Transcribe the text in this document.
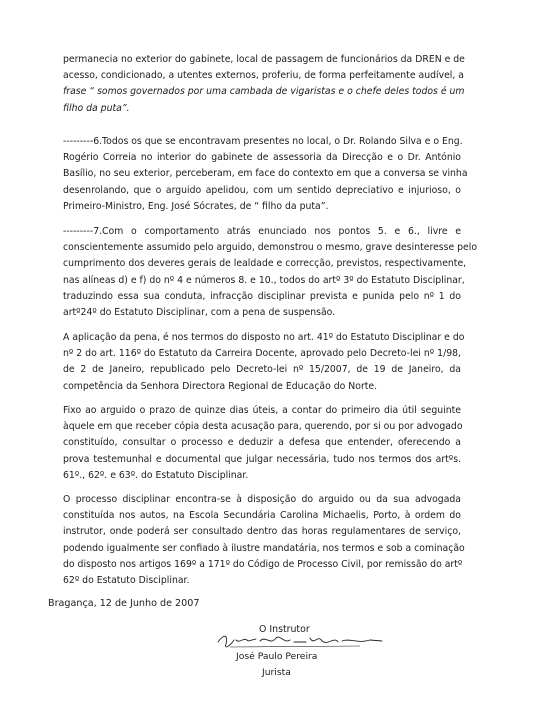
permanecia no exterior do gabinete, local de passagem de funcionários da DREN e de
acesso, condicionado, a utentes externos, proferiu, de forma perfeitamente audível, a
frase “ somos governados por uma cambada de vigaristas e o chefe deles todos é um
filho da puta”.
---------6.Todos os que se encontravam presentes no local, o Dr. Rolando Silva e o Eng.
Rogério Correia no interior do gabinete de assessoria da Direcção e o Dr. António
Basílio, no seu exterior, perceberam, em face do contexto em que a conversa se vinha
desenrolando, que o arguido apelidou, com um sentido depreciativo e injurioso, o
Primeiro-Ministro, Eng. José Sócrates, de “ filho da puta”.
---------7.Com o comportamento atrás enunciado nos pontos 5. e 6., livre e
conscientemente assumido pelo arguido, demonstrou o mesmo, grave desinteresse pelo
cumprimento dos deveres gerais de lealdade e correcção, previstos, respectivamente,
nas alíneas d) e f) do nº 4 e números 8. e 10., todos do artº 3º do Estatuto Disciplinar,
traduzindo essa sua conduta, infracção disciplinar prevista e punida pelo nº 1 do
artº24º do Estatuto Disciplinar, com a pena de suspensão.
A aplicação da pena, é nos termos do disposto no art. 41º do Estatuto Disciplinar e do
nº 2 do art. 116º do Estatuto da Carreira Docente, aprovado pelo Decreto-lei nº 1/98,
de 2 de Janeiro, republicado pelo Decreto-lei nº 15/2007, de 19 de Janeiro, da
competência da Senhora Directora Regional de Educação do Norte.
Fixo ao arguido o prazo de quinze dias úteis, a contar do primeiro dia útil seguinte
àquele em que receber cópia desta acusação para, querendo, por si ou por advogado
constituído, consultar o processo e deduzir a defesa que entender, oferecendo a
prova testemunhal e documental que julgar necessária, tudo nos termos dos artºs.
61º., 62º. e 63º. do Estatuto Disciplinar.
O processo disciplinar encontra-se à disposição do arguido ou da sua advogada
constituída nos autos, na Escola Secundária Carolina Michaelis, Porto, à ordem do
instrutor, onde poderá ser consultado dentro das horas regulamentares de serviço,
podendo igualmente ser confiado à ilustre mandatária, nos termos e sob a cominação
do disposto nos artigos 169º a 171º do Código de Processo Civil, por remissão do artº
62º do Estatuto Disciplinar.
Bragança, 12 de Junho de 2007
O Instrutor
José Paulo Pereira
Jurista
